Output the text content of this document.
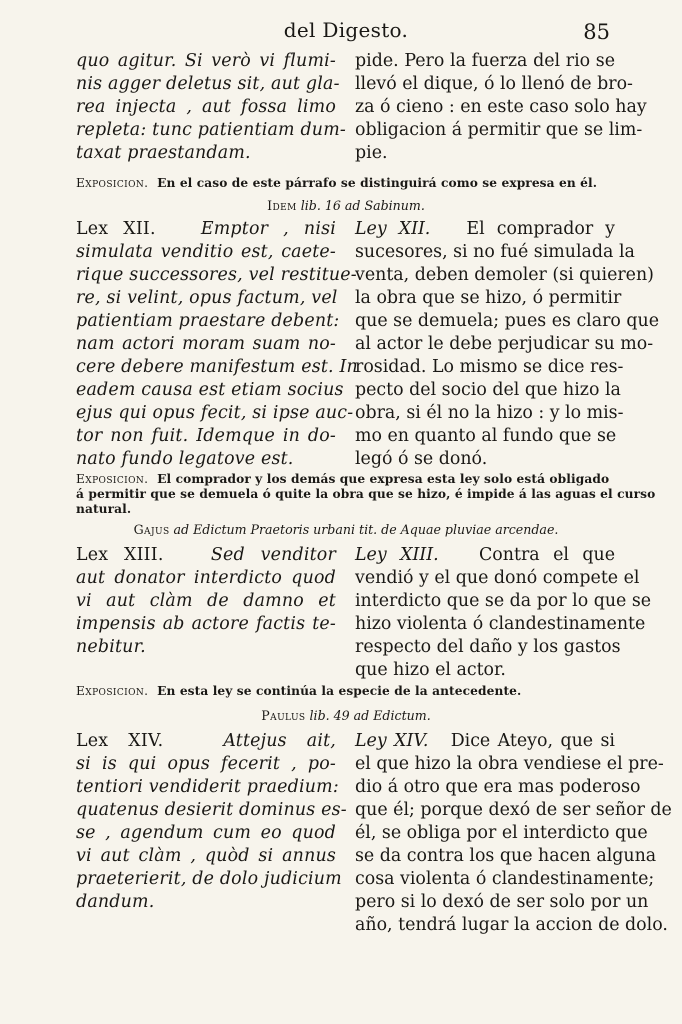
del Digesto.	85
quo agitur. Si verò vi flumi-
nis agger deletus sit, aut gla-
rea injecta , aut fossa limo
repleta: tunc patientiam dum-
taxat praestandam.
pide. Pero la fuerza del rio se
llevó el dique, ó lo llenó de bro-
za ó cieno : en este caso solo hay
obligacion á permitir que se lim-
pie.
Exposicion. En el caso de este párrafo se distinguirá como se expresa en él.
Idem lib. 16 ad Sabinum.
Lex XII.	Emptor , nisi
simulata venditio est, caete-
rique successores, vel restitue-
re, si velint, opus factum, vel
patientiam praestare debent:
nam actori moram suam no-
cere debere manifestum est. In
eadem causa est etiam socius
ejus qui opus fecit, si ipse auc-
tor non fuit. Idemque in do-
nato fundo legatove est.
Ley XII. El comprador y
sucesores, si no fué simulada la
venta, deben demoler (si quieren)
la obra que se hizo, ó permitir
que se demuela; pues es claro que
al actor le debe perjudicar su mo-
rosidad. Lo mismo se dice res-
pecto del socio del que hizo la
obra, si él no la hizo : y lo mis-
mo en quanto al fundo que se
legó ó se donó.
Exposicion. El comprador y los demás que expresa esta ley solo está obligado
á permitir que se demuela ó quite la obra que se hizo, é impide á las aguas el curso
natural.
Gajus ad Edictum Praetoris urbani tit. de Aquae pluviae arcendae.
Lex XIII.	Sed venditor
aut donator interdicto quod
vi aut clàm de damno et
impensis ab actore factis te-
nebitur.
Ley XIII. Contra el que
vendió y el que donó compete el
interdicto que se da por lo que se
hizo violenta ó clandestinamente
respecto del daño y los gastos
que hizo el actor.
Exposicion. En esta ley se continúa la especie de la antecedente.
Paulus lib. 49 ad Edictum.
Lex XIV.	Attejus ait,
si is qui opus fecerit , po-
tentiori vendiderit praedium:
quatenus desierit dominus es-
se , agendum cum eo quod
vi aut clàm , quòd si annus
praeterierit, de dolo judicium
dandum.
Ley XIV. Dice Ateyo, que si
el que hizo la obra vendiese el pre-
dio á otro que era mas poderoso
que él; porque dexó de ser señor de
él, se obliga por el interdicto que
se da contra los que hacen alguna
cosa violenta ó clandestinamente;
pero si lo dexó de ser solo por un
año, tendrá lugar la accion de dolo.
